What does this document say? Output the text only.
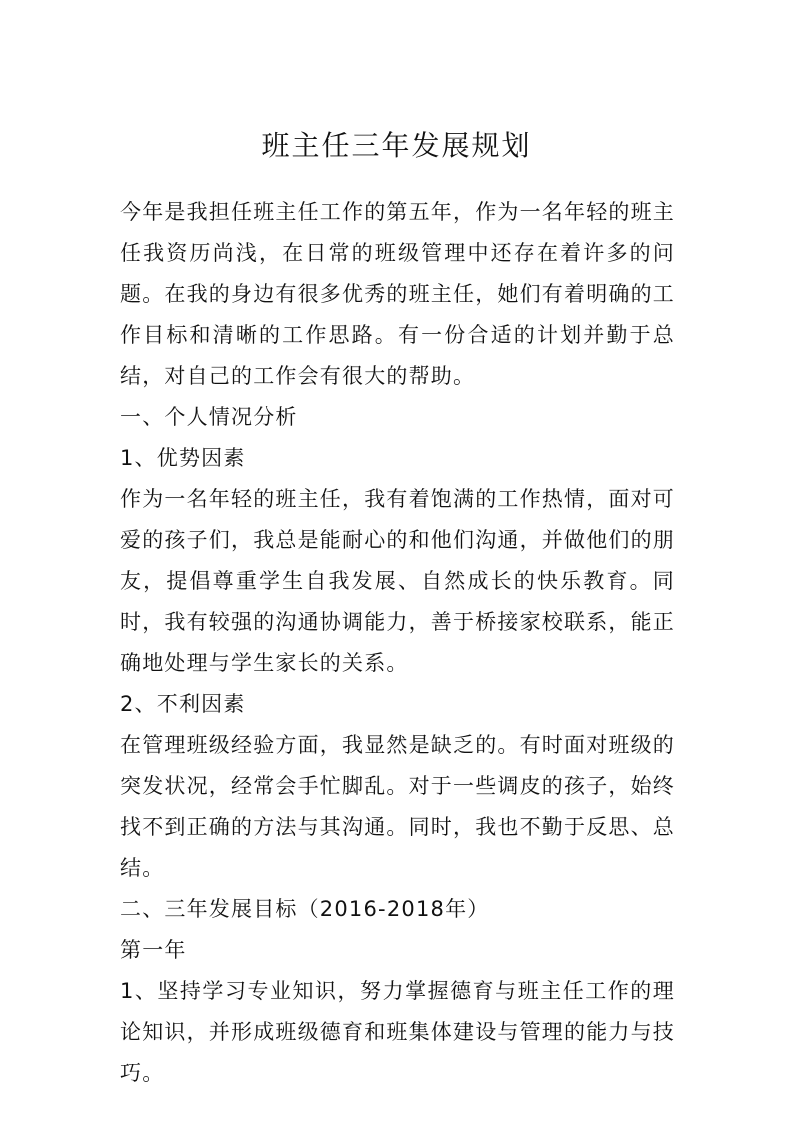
班主任三年发展规划

今年是我担任班主任工作的第五年，作为一名年轻的班主任我资历尚浅，在日常的班级管理中还存在着许多的问题。在我的身边有很多优秀的班主任，她们有着明确的工作目标和清晰的工作思路。有一份合适的计划并勤于总结，对自己的工作会有很大的帮助。

一、个人情况分析

1、优势因素

作为一名年轻的班主任，我有着饱满的工作热情，面对可爱的孩子们，我总是能耐心的和他们沟通，并做他们的朋友，提倡尊重学生自我发展、自然成长的快乐教育。同时，我有较强的沟通协调能力，善于桥接家校联系，能正确地处理与学生家长的关系。

2、不利因素

在管理班级经验方面，我显然是缺乏的。有时面对班级的突发状况，经常会手忙脚乱。对于一些调皮的孩子，始终找不到正确的方法与其沟通。同时，我也不勤于反思、总结。

二、三年发展目标（2016-2018年）

第一年

1、坚持学习专业知识，努力掌握德育与班主任工作的理论知识，并形成班级德育和班集体建设与管理的能力与技巧。
